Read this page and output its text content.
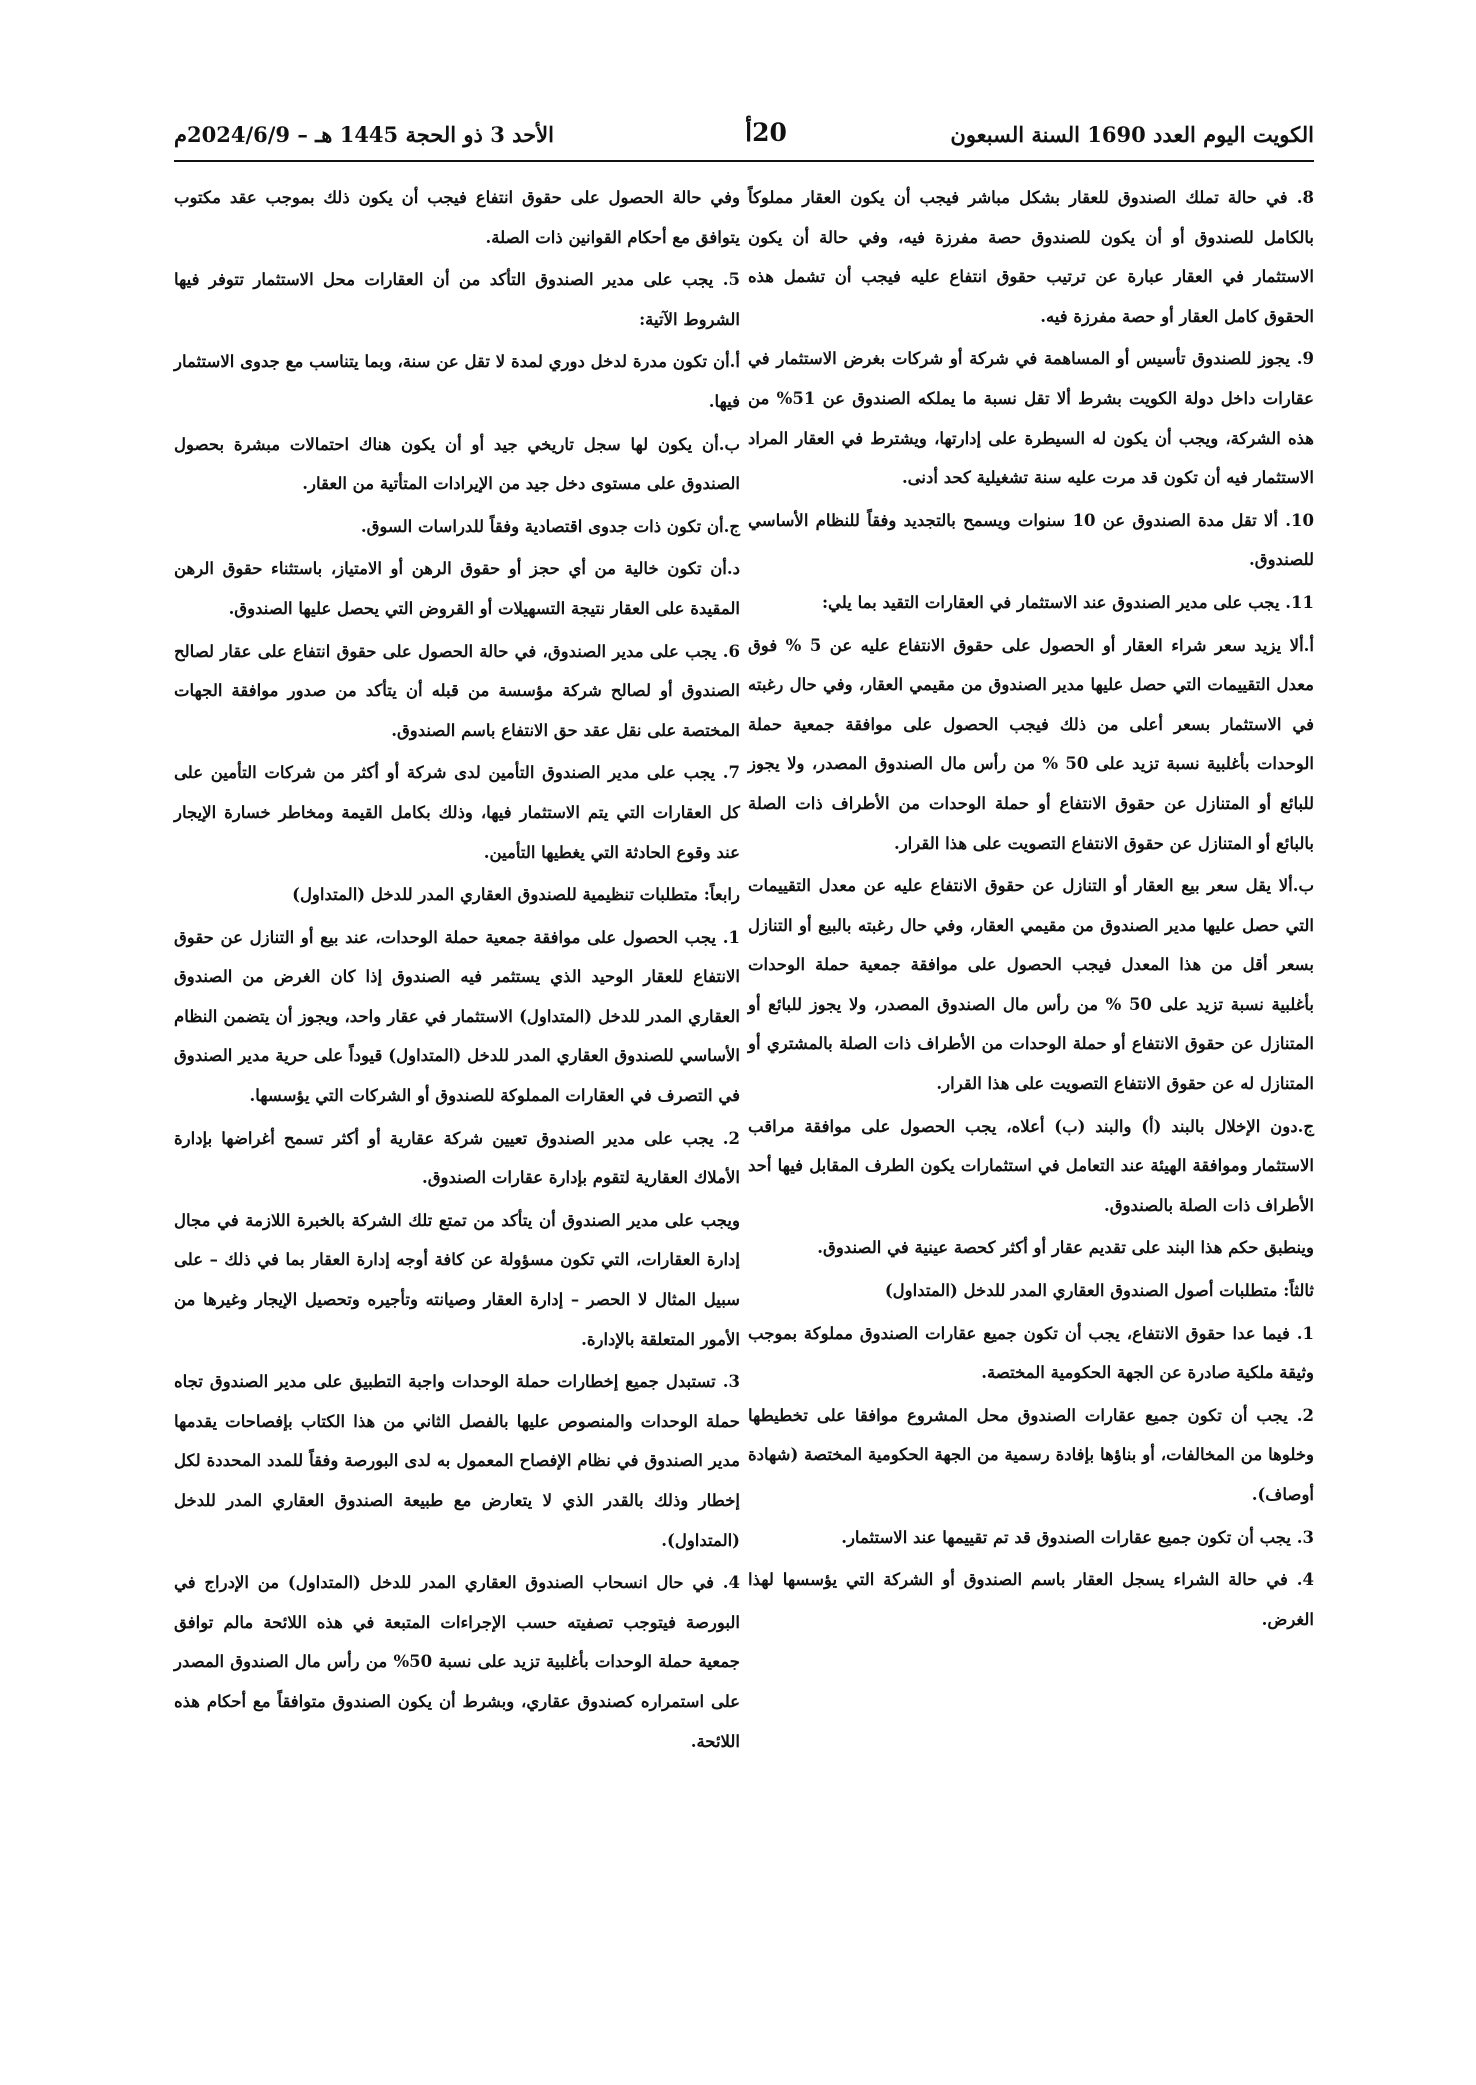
الكويت اليوم العدد 1690 السنة السبعون
20أ
الأحد 3 ذو الحجة 1445 هـ – 2024/6/9م

8. في حالة تملك الصندوق للعقار بشكل مباشر فيجب أن يكون العقار مملوكاً بالكامل للصندوق أو أن يكون للصندوق حصة مفرزة فيه، وفي حالة أن يكون الاستثمار في العقار عبارة عن ترتيب حقوق انتفاع عليه فيجب أن تشمل هذه الحقوق كامل العقار أو حصة مفرزة فيه.

9. يجوز للصندوق تأسيس أو المساهمة في شركة أو شركات بغرض الاستثمار في عقارات داخل دولة الكويت بشرط ألا تقل نسبة ما يملكه الصندوق عن 51% من هذه الشركة، ويجب أن يكون له السيطرة على إدارتها، ويشترط في العقار المراد الاستثمار فيه أن تكون قد مرت عليه سنة تشغيلية كحد أدنى.

10. ألا تقل مدة الصندوق عن 10 سنوات ويسمح بالتجديد وفقاً للنظام الأساسي للصندوق.

11. يجب على مدير الصندوق عند الاستثمار في العقارات التقيد بما يلي:

أ.ألا يزيد سعر شراء العقار أو الحصول على حقوق الانتفاع عليه عن 5 % فوق معدل التقييمات التي حصل عليها مدير الصندوق من مقيمي العقار، وفي حال رغبته في الاستثمار بسعر أعلى من ذلك فيجب الحصول على موافقة جمعية حملة الوحدات بأغلبية نسبة تزيد على 50 % من رأس مال الصندوق المصدر، ولا يجوز للبائع أو المتنازل عن حقوق الانتفاع أو حملة الوحدات من الأطراف ذات الصلة بالبائع أو المتنازل عن حقوق الانتفاع التصويت على هذا القرار.

ب.ألا يقل سعر بيع العقار أو التنازل عن حقوق الانتفاع عليه عن معدل التقييمات التي حصل عليها مدير الصندوق من مقيمي العقار، وفي حال رغبته بالبيع أو التنازل بسعر أقل من هذا المعدل فيجب الحصول على موافقة جمعية حملة الوحدات بأغلبية نسبة تزيد على 50 % من رأس مال الصندوق المصدر، ولا يجوز للبائع أو المتنازل عن حقوق الانتفاع أو حملة الوحدات من الأطراف ذات الصلة بالمشتري أو المتنازل له عن حقوق الانتفاع التصويت على هذا القرار.

ج.دون الإخلال بالبند (أ) والبند (ب) أعلاه، يجب الحصول على موافقة مراقب الاستثمار وموافقة الهيئة عند التعامل في استثمارات يكون الطرف المقابل فيها أحد الأطراف ذات الصلة بالصندوق.

وينطبق حكم هذا البند على تقديم عقار أو أكثر كحصة عينية في الصندوق.

ثالثاً: متطلبات أصول الصندوق العقاري المدر للدخل (المتداول)

1. فيما عدا حقوق الانتفاع، يجب أن تكون جميع عقارات الصندوق مملوكة بموجب وثيقة ملكية صادرة عن الجهة الحكومية المختصة.

2. يجب أن تكون جميع عقارات الصندوق محل المشروع موافقا على تخطيطها وخلوها من المخالفات، أو بناؤها بإفادة رسمية من الجهة الحكومية المختصة (شهادة أوصاف).

3. يجب أن تكون جميع عقارات الصندوق قد تم تقييمها عند الاستثمار.

4. في حالة الشراء يسجل العقار باسم الصندوق أو الشركة التي يؤسسها لهذا الغرض.

وفي حالة الحصول على حقوق انتفاع فيجب أن يكون ذلك بموجب عقد مكتوب يتوافق مع أحكام القوانين ذات الصلة.

5. يجب على مدير الصندوق التأكد من أن العقارات محل الاستثمار تتوفر فيها الشروط الآتية:

أ.أن تكون مدرة لدخل دوري لمدة لا تقل عن سنة، وبما يتناسب مع جدوى الاستثمار فيها.

ب.أن يكون لها سجل تاريخي جيد أو أن يكون هناك احتمالات مبشرة بحصول الصندوق على مستوى دخل جيد من الإيرادات المتأتية من العقار.

ج.أن تكون ذات جدوى اقتصادية وفقاً للدراسات السوق.

د.أن تكون خالية من أي حجز أو حقوق الرهن أو الامتياز، باستثناء حقوق الرهن المقيدة على العقار نتيجة التسهيلات أو القروض التي يحصل عليها الصندوق.

6. يجب على مدير الصندوق، في حالة الحصول على حقوق انتفاع على عقار لصالح الصندوق أو لصالح شركة مؤسسة من قبله أن يتأكد من صدور موافقة الجهات المختصة على نقل عقد حق الانتفاع باسم الصندوق.

7. يجب على مدير الصندوق التأمين لدى شركة أو أكثر من شركات التأمين على كل العقارات التي يتم الاستثمار فيها، وذلك بكامل القيمة ومخاطر خسارة الإيجار عند وقوع الحادثة التي يغطيها التأمين.

رابعاً: متطلبات تنظيمية للصندوق العقاري المدر للدخل (المتداول)

1. يجب الحصول على موافقة جمعية حملة الوحدات، عند بيع أو التنازل عن حقوق الانتفاع للعقار الوحيد الذي يستثمر فيه الصندوق إذا كان الغرض من الصندوق العقاري المدر للدخل (المتداول) الاستثمار في عقار واحد، ويجوز أن يتضمن النظام الأساسي للصندوق العقاري المدر للدخل (المتداول) قيوداً على حرية مدير الصندوق في التصرف في العقارات المملوكة للصندوق أو الشركات التي يؤسسها.

2. يجب على مدير الصندوق تعيين شركة عقارية أو أكثر تسمح أغراضها بإدارة الأملاك العقارية لتقوم بإدارة عقارات الصندوق.

ويجب على مدير الصندوق أن يتأكد من تمتع تلك الشركة بالخبرة اللازمة في مجال إدارة العقارات، التي تكون مسؤولة عن كافة أوجه إدارة العقار بما في ذلك – على سبيل المثال لا الحصر – إدارة العقار وصيانته وتأجيره وتحصيل الإيجار وغيرها من الأمور المتعلقة بالإدارة.

3. تستبدل جميع إخطارات حملة الوحدات واجبة التطبيق على مدير الصندوق تجاه حملة الوحدات والمنصوص عليها بالفصل الثاني من هذا الكتاب بإفصاحات يقدمها مدير الصندوق في نظام الإفصاح المعمول به لدى البورصة وفقاً للمدد المحددة لكل إخطار وذلك بالقدر الذي لا يتعارض مع طبيعة الصندوق العقاري المدر للدخل (المتداول).

4. في حال انسحاب الصندوق العقاري المدر للدخل (المتداول) من الإدراج في البورصة فيتوجب تصفيته حسب الإجراءات المتبعة في هذه اللائحة مالم توافق جمعية حملة الوحدات بأغلبية تزيد على نسبة 50% من رأس مال الصندوق المصدر على استمراره كصندوق عقاري، وبشرط أن يكون الصندوق متوافقاً مع أحكام هذه اللائحة.
